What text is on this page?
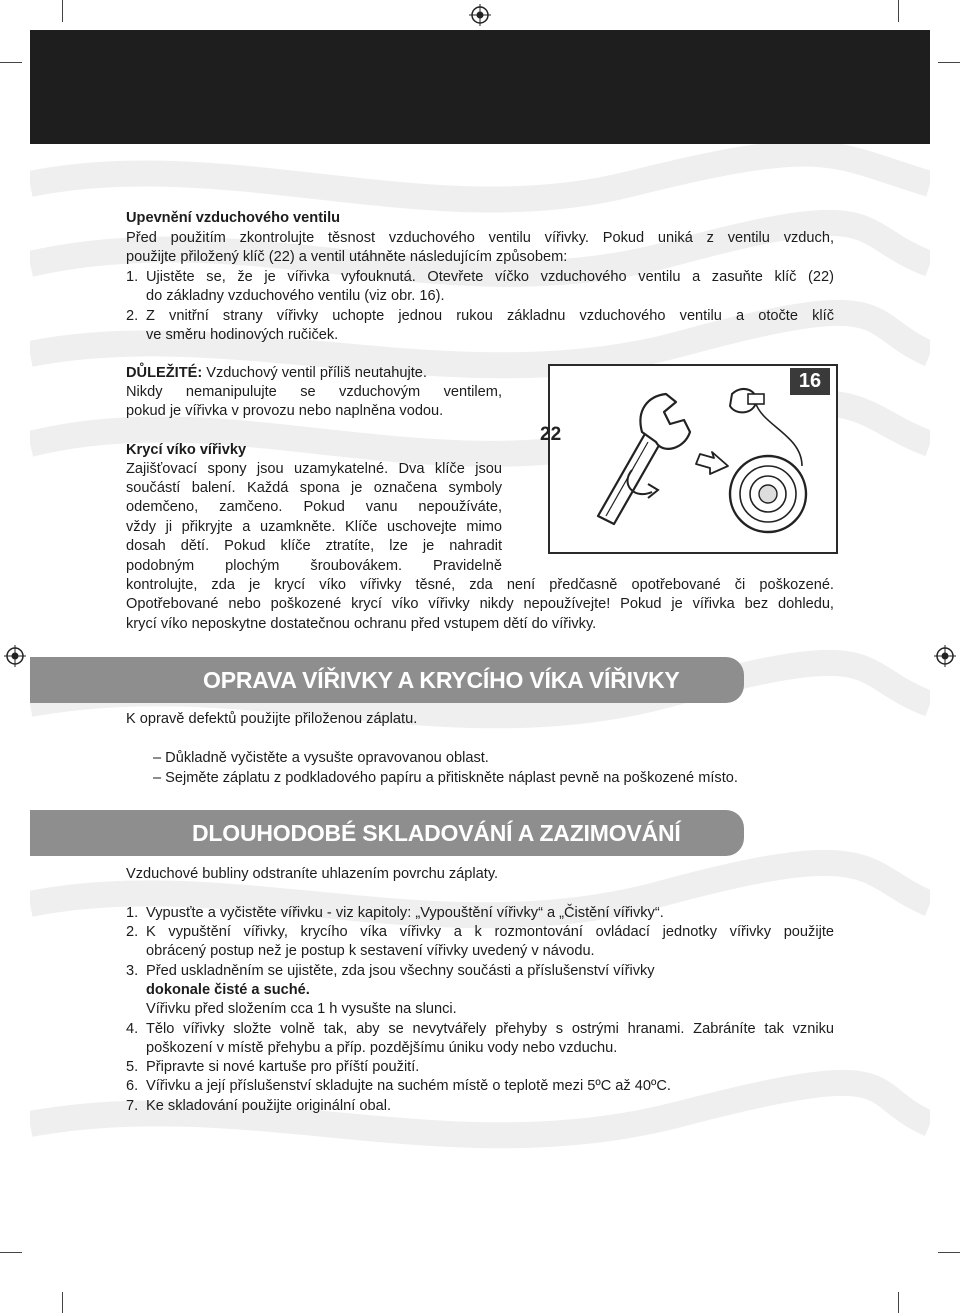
Upevnění vzduchového ventilu
Před použitím zkontrolujte těsnost vzduchového ventilu vířivky. Pokud uniká z ventilu vzduch,
použijte přiložený klíč (22) a ventil utáhněte následujícím způsobem:
1. Ujistěte se, že je vířivka vyfouknutá. Otevřete víčko vzduchového ventilu a zasuňte klíč (22)
do základny vzduchového ventilu (viz obr. 16).
2. Z vnitřní strany vířivky uchopte jednou rukou základnu vzduchového ventilu a otočte klíč
ve směru hodinových ručiček.
DŮLEŽITÉ: Vzduchový ventil příliš neutahujte.
Nikdy nemanipulujte se vzduchovým ventilem,
pokud je vířivka v provozu nebo naplněna vodou.
16
22
Krycí víko vířivky
Zajišťovací spony jsou uzamykatelné. Dva klíče jsou
součástí balení. Každá spona je označena symboly
odemčeno, zamčeno. Pokud vanu nepoužíváte,
vždy ji přikryjte a uzamkněte. Klíče uschovejte mimo
dosah dětí. Pokud klíče ztratíte, lze je nahradit
podobným plochým šroubovákem. Pravidelně
kontrolujte, zda je krycí víko vířivky těsné, zda není předčasně opotřebované či poškozené.
Opotřebované nebo poškozené krycí víko vířivky nikdy nepoužívejte! Pokud je vířivka bez dohledu,
krycí víko neposkytne dostatečnou ochranu před vstupem dětí do vířivky.
OPRAVA VÍŘIVKY A KRYCÍHO VÍKA VÍŘIVKY
K opravě defektů použijte přiloženou záplatu.
– Důkladně vyčistěte a vysušte opravovanou oblast.
– Sejměte záplatu z podkladového papíru a přitiskněte náplast pevně na poškozené místo.
DLOUHODOBÉ SKLADOVÁNÍ A ZAZIMOVÁNÍ
Vzduchové bubliny odstraníte uhlazením povrchu záplaty.
1. Vypusťte a vyčistěte vířivku - viz kapitoly: „Vypouštění vířivky“ a „Čistění vířivky“.
2. K vypuštění vířivky, krycího víka vířivky a k rozmontování ovládací jednotky vířivky použijte
obrácený postup než je postup k sestavení vířivky uvedený v návodu.
3. Před uskladněním se ujistěte, zda jsou všechny součásti a příslušenství vířivky
dokonale čisté a suché.
Vířivku před složením cca 1 h vysušte na slunci.
4. Tělo vířivky složte volně tak, aby se nevytvářely přehyby s ostrými hranami. Zabráníte tak vzniku
poškození v místě přehybu a příp. pozdějšímu úniku vody nebo vzduchu.
5. Připravte si nové kartuše pro příští použití.
6. Vířivku a její příslušenství skladujte na suchém místě o teplotě mezi 5ºC až 40ºC.
7. Ke skladování použijte originální obal.
